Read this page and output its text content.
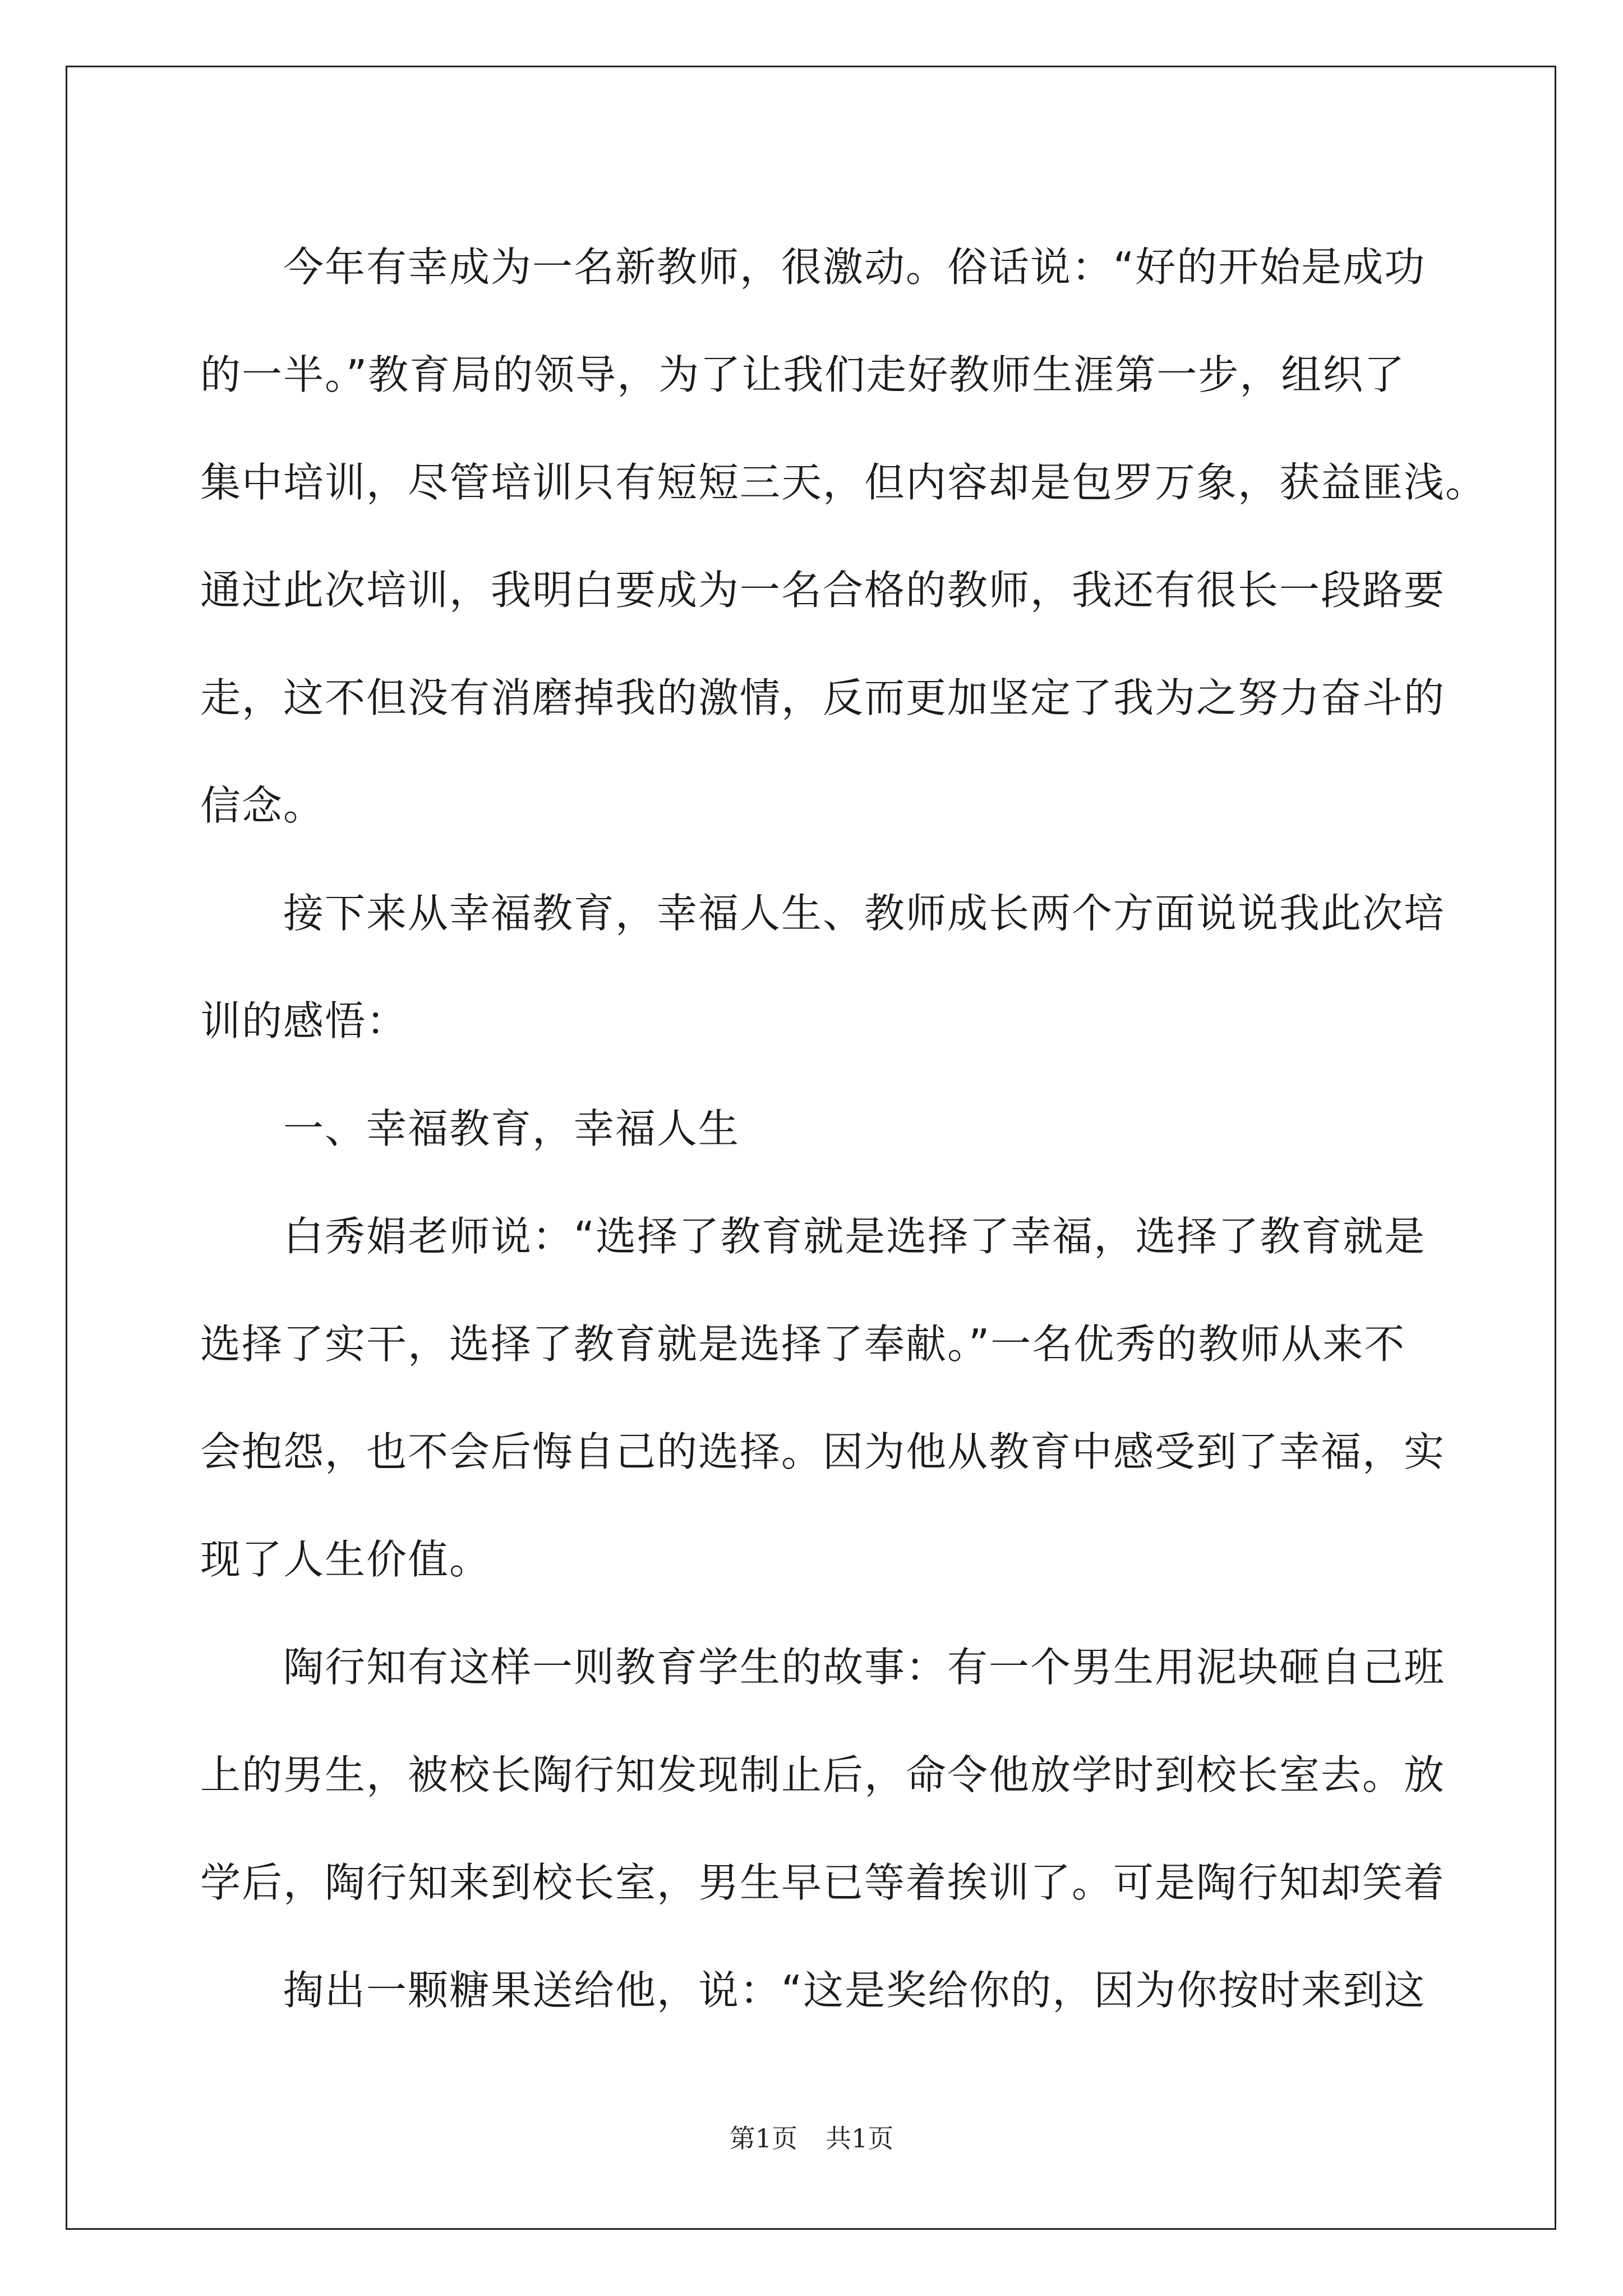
今年有幸成为一名新教师，很激动。俗话说：“好的开始是成功
的一半。”教育局的领导，为了让我们走好教师生涯第一步，组织了
集中培训，尽管培训只有短短三天，但内容却是包罗万象，获益匪浅。
通过此次培训，我明白要成为一名合格的教师，我还有很长一段路要
走，这不但没有消磨掉我的激情，反而更加坚定了我为之努力奋斗的
信念。
接下来从幸福教育，幸福人生、教师成长两个方面说说我此次培
训的感悟：
一、幸福教育，幸福人生
白秀娟老师说：“选择了教育就是选择了幸福，选择了教育就是
选择了实干，选择了教育就是选择了奉献。”一名优秀的教师从来不
会抱怨，也不会后悔自己的选择。因为他从教育中感受到了幸福，实
现了人生价值。
陶行知有这样一则教育学生的故事：有一个男生用泥块砸自己班
上的男生，被校长陶行知发现制止后，命令他放学时到校长室去。放
学后，陶行知来到校长室，男生早已等着挨训了。可是陶行知却笑着
掏出一颗糖果送给他，说：“这是奖给你的，因为你按时来到这
第1页 共1页
